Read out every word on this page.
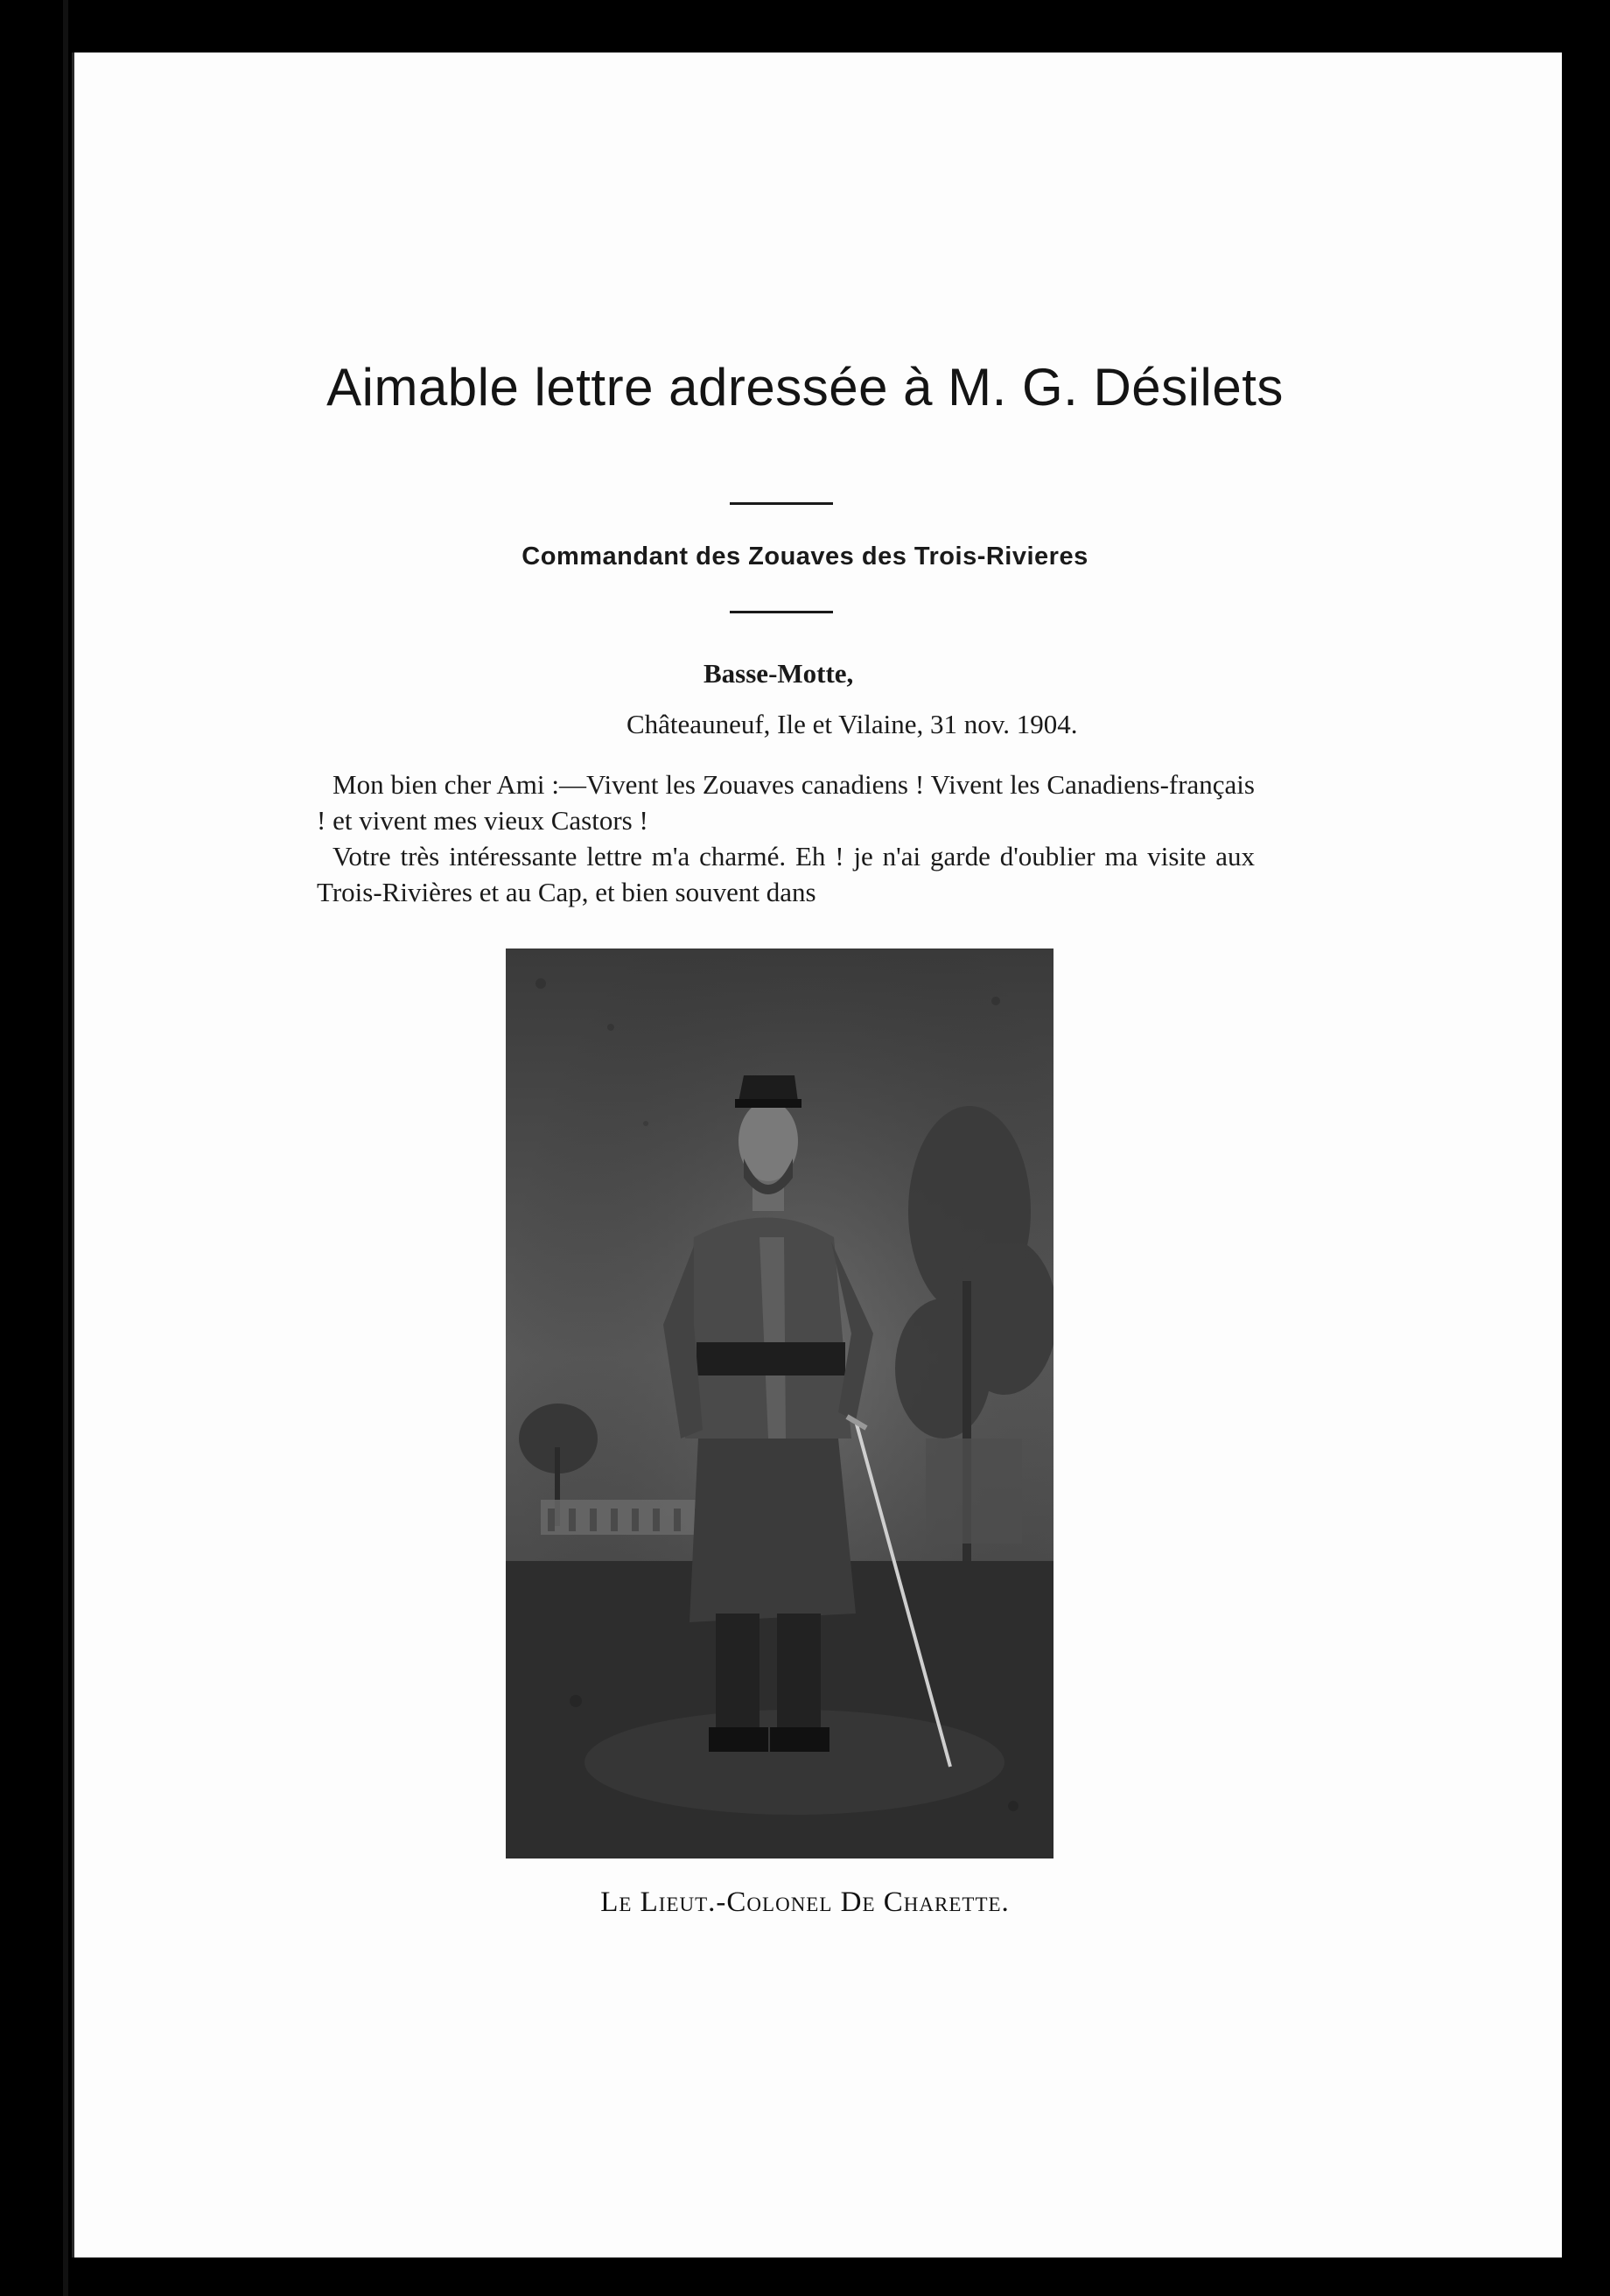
Aimable lettre adressée à M. G. Désilets
Commandant des Zouaves des Trois-Rivieres
Basse-Motte,
Châteauneuf, Ile et Vilaine, 31 nov. 1904.
Mon bien cher Ami :—Vivent les Zouaves canadiens ! Vivent les Canadiens-français ! et vivent mes vieux Castors !
Votre très intéressante lettre m'a charmé. Eh ! je n'ai garde d'oublier ma visite aux Trois-Rivières et au Cap, et bien souvent dans
Le Lieut.-Colonel De Charette.
